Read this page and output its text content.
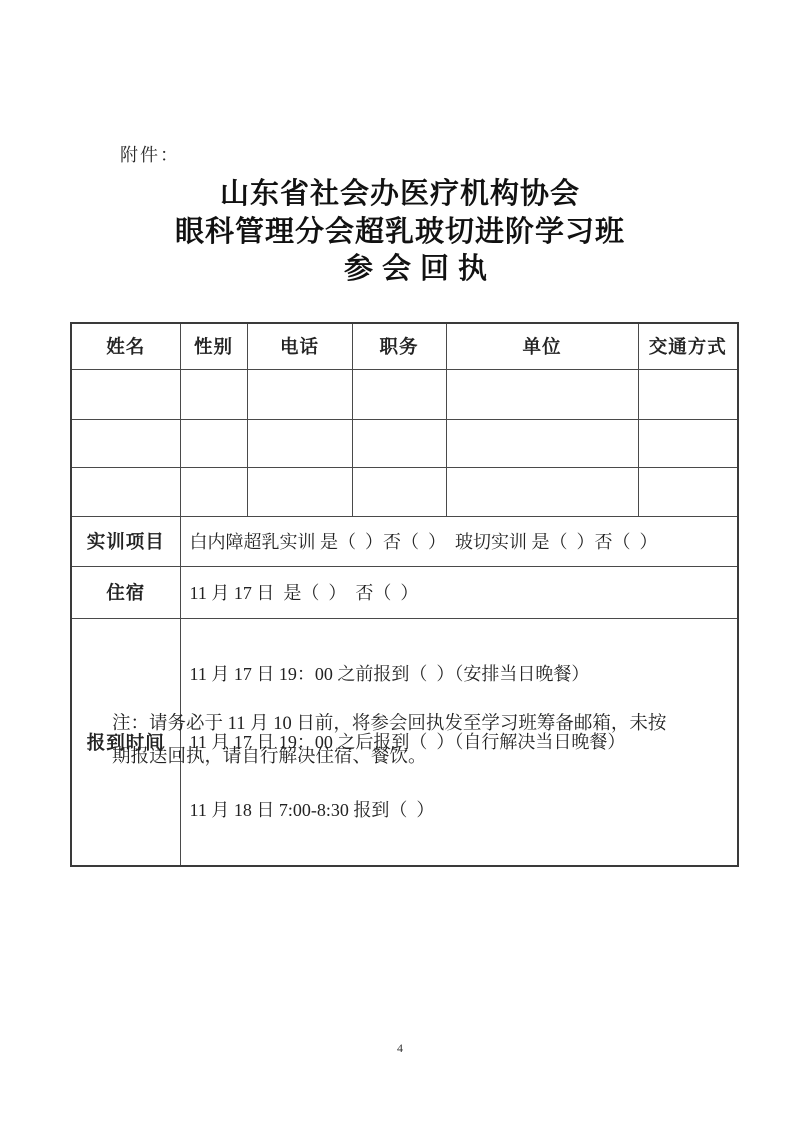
附件：
山东省社会办医疗机构协会
眼科管理分会超乳玻切进阶学习班
参会回执
姓名	性别	电话	职务	单位	交通方式

实训项目	白内障超乳实训 是（  ）否（  ）  玻切实训 是（  ）否（  ）				
住宿	11 月 17 日  是（  ）  否（  ）				
报到时间	11 月 17 日 19：00 之前报到（  ）（安排当日晚餐）

11 月 17 日 19：00 之后报到（  ）（自行解决当日晚餐）

11 月 18 日 7:00-8:30 报到（  ）				

注：请务必于 11 月 10 日前，将参会回执发至学习班筹备邮箱，未按
期报送回执，请自行解决住宿、餐饮。
4
